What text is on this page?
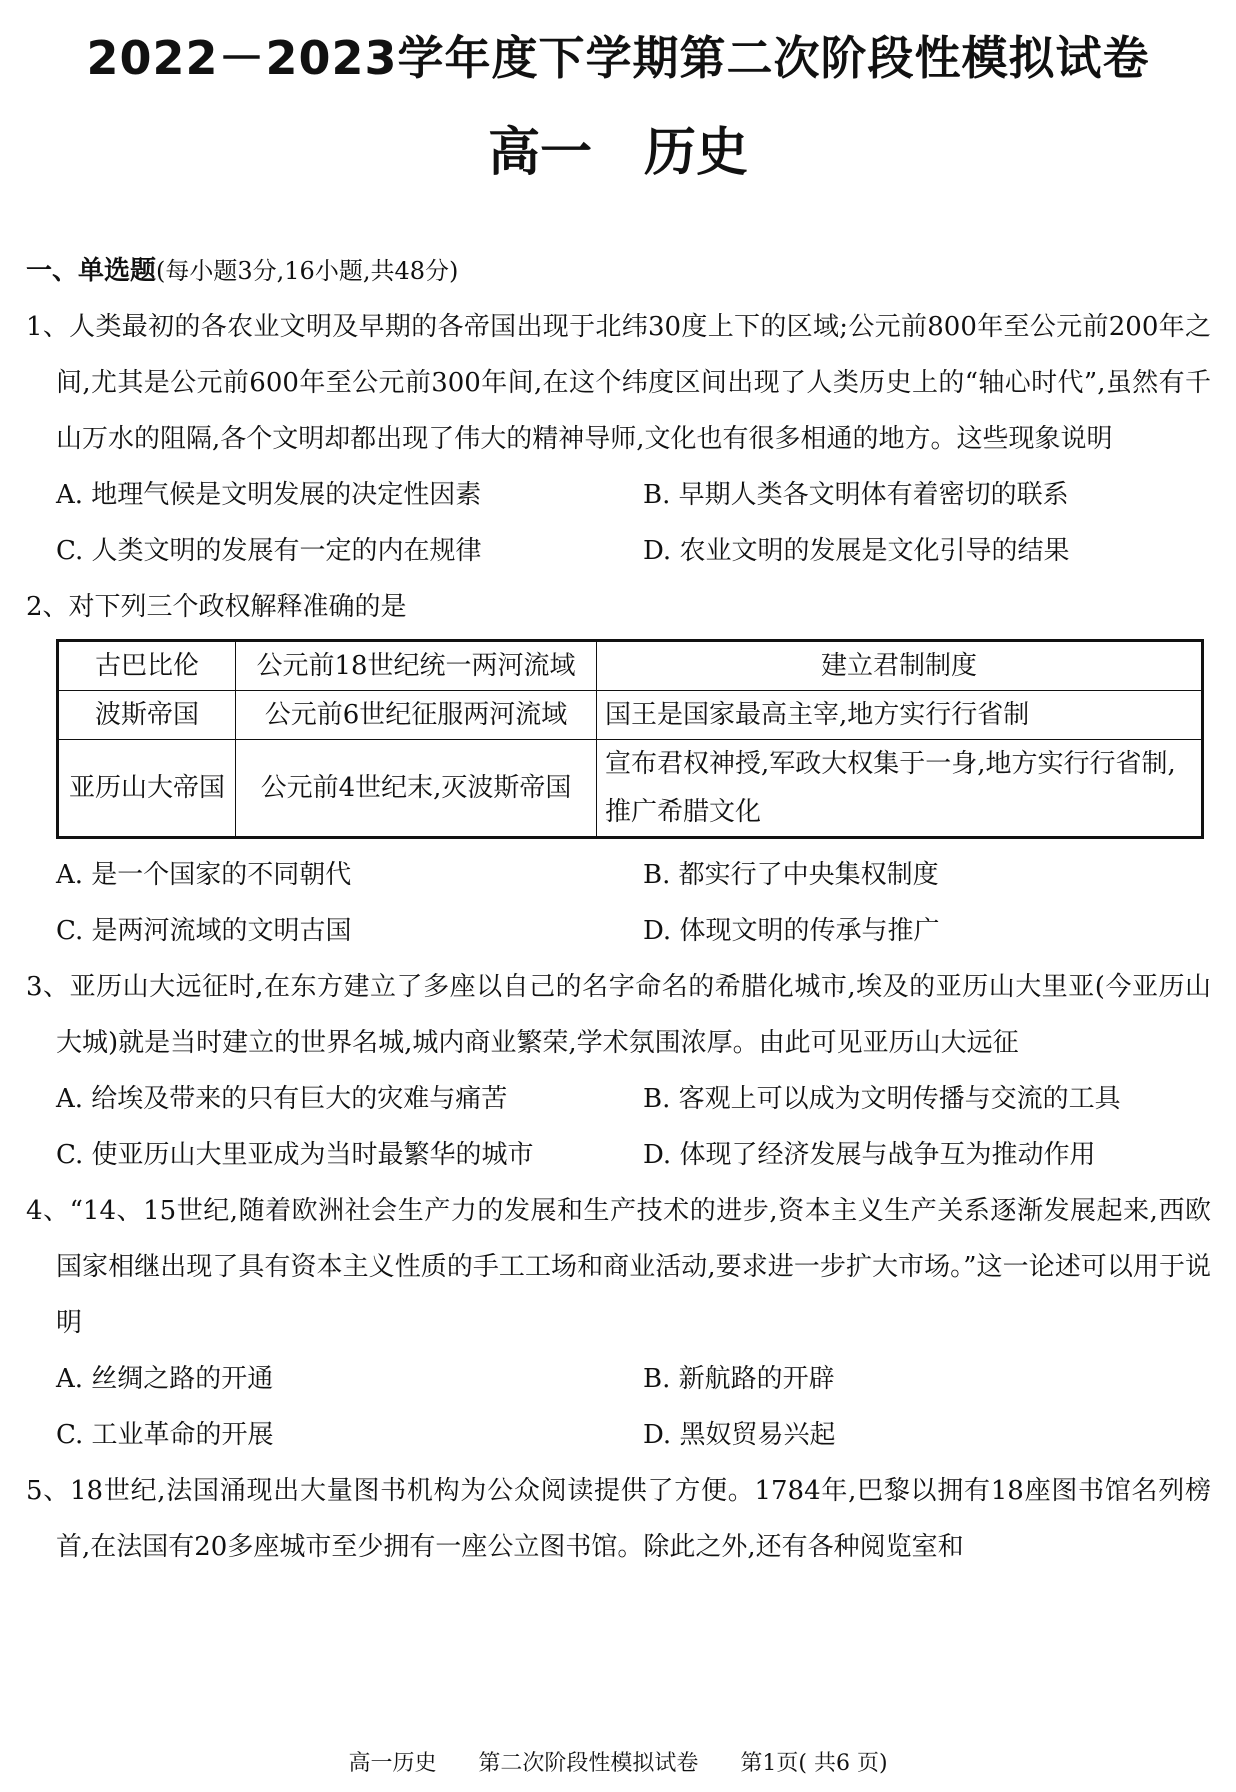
2022－2023学年度下学期第二次阶段性模拟试卷
高一　历史
一、单选题(每小题3分,16小题,共48分)
1、人类最初的各农业文明及早期的各帝国出现于北纬30度上下的区域;公元前800年至公元前200年之间,尤其是公元前600年至公元前300年间,在这个纬度区间出现了人类历史上的“轴心时代”,虽然有千山万水的阻隔,各个文明却都出现了伟大的精神导师,文化也有很多相通的地方。这些现象说明
A. 地理气候是文明发展的决定性因素	B. 早期人类各文明体有着密切的联系
C. 人类文明的发展有一定的内在规律	D. 农业文明的发展是文化引导的结果
2、对下列三个政权解释准确的是
古巴比伦	公元前18世纪统一两河流域	建立君制制度
波斯帝国	公元前6世纪征服两河流域	国王是国家最高主宰,地方实行行省制
亚历山大帝国	公元前4世纪末,灭波斯帝国	宣布君权神授,军政大权集于一身,地方实行行省制,推广希腊文化
A. 是一个国家的不同朝代	B. 都实行了中央集权制度
C. 是两河流域的文明古国	D. 体现文明的传承与推广
3、亚历山大远征时,在东方建立了多座以自己的名字命名的希腊化城市,埃及的亚历山大里亚(今亚历山大城)就是当时建立的世界名城,城内商业繁荣,学术氛围浓厚。由此可见亚历山大远征
A. 给埃及带来的只有巨大的灾难与痛苦	B. 客观上可以成为文明传播与交流的工具
C. 使亚历山大里亚成为当时最繁华的城市	D. 体现了经济发展与战争互为推动作用
4、“14、15世纪,随着欧洲社会生产力的发展和生产技术的进步,资本主义生产关系逐渐发展起来,西欧国家相继出现了具有资本主义性质的手工工场和商业活动,要求进一步扩大市场。”这一论述可以用于说明
A. 丝绸之路的开通	B. 新航路的开辟
C. 工业革命的开展	D. 黑奴贸易兴起
5、18世纪,法国涌现出大量图书机构为公众阅读提供了方便。1784年,巴黎以拥有18座图书馆名列榜首,在法国有20多座城市至少拥有一座公立图书馆。除此之外,还有各种阅览室和
高一历史 第二次阶段性模拟试卷 第1页( 共6 页)
